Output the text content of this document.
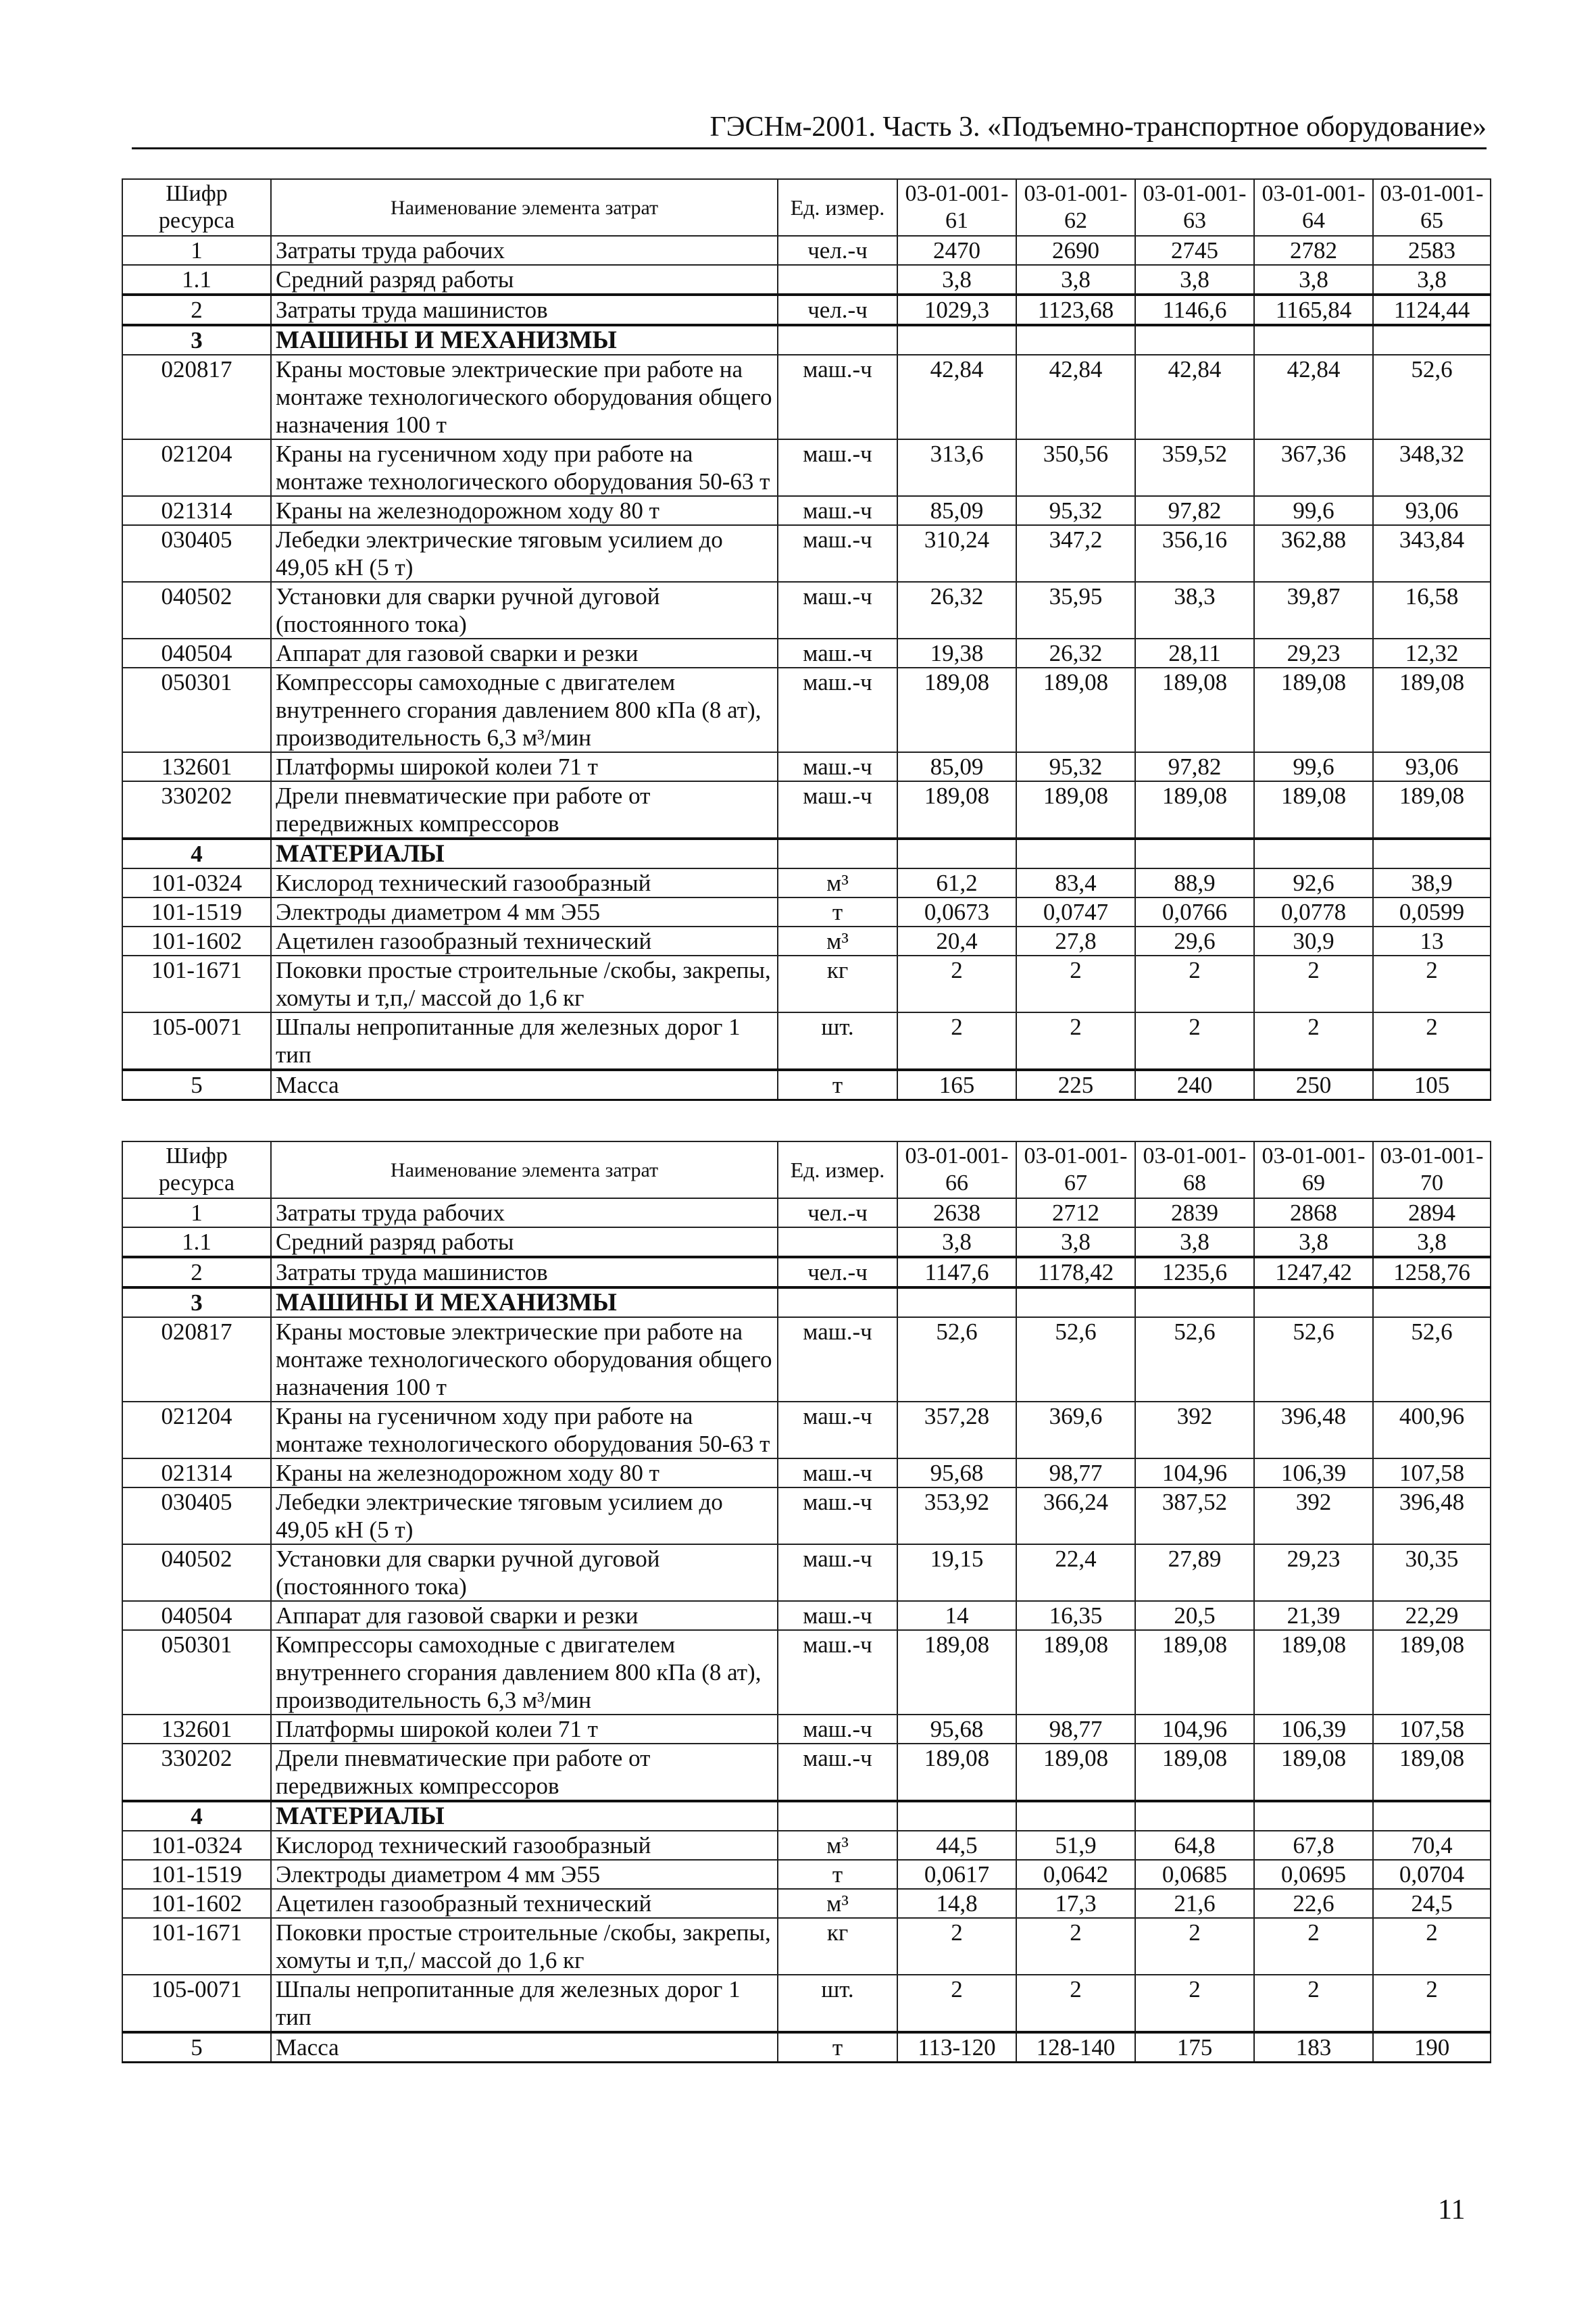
ГЭСНм-2001. Часть 3. «Подъемно-транспортное оборудование»
Шифр ресурса	Наименование элемента затрат	Ед. измер.	03-01-001-61	03-01-001-62	03-01-001-63	03-01-001-64	03-01-001-65
1	Затраты труда рабочих	чел.-ч	2470	2690	2745	2782	2583
1.1	Средний разряд работы		3,8	3,8	3,8	3,8	3,8
2	Затраты труда машинистов	чел.-ч	1029,3	1123,68	1146,6	1165,84	1124,44
3	МАШИНЫ И МЕХАНИЗМЫ						
020817	Краны мостовые электрические при работе на монтаже технологического оборудования общего назначения 100 т	маш.-ч	42,84	42,84	42,84	42,84	52,6
021204	Краны на гусеничном ходу при работе на монтаже технологического оборудования 50-63 т	маш.-ч	313,6	350,56	359,52	367,36	348,32
021314	Краны на железнодорожном ходу 80 т	маш.-ч	85,09	95,32	97,82	99,6	93,06
030405	Лебедки электрические тяговым усилием до 49,05 кН (5 т)	маш.-ч	310,24	347,2	356,16	362,88	343,84
040502	Установки для сварки ручной дуговой (постоянного тока)	маш.-ч	26,32	35,95	38,3	39,87	16,58
040504	Аппарат для газовой сварки и резки	маш.-ч	19,38	26,32	28,11	29,23	12,32
050301	Компрессоры самоходные с двигателем внутреннего сгорания давлением 800 кПа (8 ат), производительность 6,3 м³/мин	маш.-ч	189,08	189,08	189,08	189,08	189,08
132601	Платформы широкой колеи 71 т	маш.-ч	85,09	95,32	97,82	99,6	93,06
330202	Дрели пневматические при работе от передвижных компрессоров	маш.-ч	189,08	189,08	189,08	189,08	189,08
4	МАТЕРИАЛЫ						
101-0324	Кислород технический газообразный	м³	61,2	83,4	88,9	92,6	38,9
101-1519	Электроды диаметром 4 мм Э55	т	0,0673	0,0747	0,0766	0,0778	0,0599
101-1602	Ацетилен газообразный технический	м³	20,4	27,8	29,6	30,9	13
101-1671	Поковки простые строительные /скобы, закрепы, хомуты и т,п,/ массой до 1,6 кг	кг	2	2	2	2	2
105-0071	Шпалы непропитанные для железных дорог 1 тип	шт.	2	2	2	2	2
5	Масса	т	165	225	240	250	105
Шифр ресурса	Наименование элемента затрат	Ед. измер.	03-01-001-66	03-01-001-67	03-01-001-68	03-01-001-69	03-01-001-70
1	Затраты труда рабочих	чел.-ч	2638	2712	2839	2868	2894
1.1	Средний разряд работы		3,8	3,8	3,8	3,8	3,8
2	Затраты труда машинистов	чел.-ч	1147,6	1178,42	1235,6	1247,42	1258,76
3	МАШИНЫ И МЕХАНИЗМЫ						
020817	Краны мостовые электрические при работе на монтаже технологического оборудования общего назначения 100 т	маш.-ч	52,6	52,6	52,6	52,6	52,6
021204	Краны на гусеничном ходу при работе на монтаже технологического оборудования 50-63 т	маш.-ч	357,28	369,6	392	396,48	400,96
021314	Краны на железнодорожном ходу 80 т	маш.-ч	95,68	98,77	104,96	106,39	107,58
030405	Лебедки электрические тяговым усилием до 49,05 кН (5 т)	маш.-ч	353,92	366,24	387,52	392	396,48
040502	Установки для сварки ручной дуговой (постоянного тока)	маш.-ч	19,15	22,4	27,89	29,23	30,35
040504	Аппарат для газовой сварки и резки	маш.-ч	14	16,35	20,5	21,39	22,29
050301	Компрессоры самоходные с двигателем внутреннего сгорания давлением 800 кПа (8 ат), производительность 6,3 м³/мин	маш.-ч	189,08	189,08	189,08	189,08	189,08
132601	Платформы широкой колеи 71 т	маш.-ч	95,68	98,77	104,96	106,39	107,58
330202	Дрели пневматические при работе от передвижных компрессоров	маш.-ч	189,08	189,08	189,08	189,08	189,08
4	МАТЕРИАЛЫ						
101-0324	Кислород технический газообразный	м³	44,5	51,9	64,8	67,8	70,4
101-1519	Электроды диаметром 4 мм Э55	т	0,0617	0,0642	0,0685	0,0695	0,0704
101-1602	Ацетилен газообразный технический	м³	14,8	17,3	21,6	22,6	24,5
101-1671	Поковки простые строительные /скобы, закрепы, хомуты и т,п,/ массой до 1,6 кг	кг	2	2	2	2	2
105-0071	Шпалы непропитанные для железных дорог 1 тип	шт.	2	2	2	2	2
5	Масса	т	113-120	128-140	175	183	190
11
